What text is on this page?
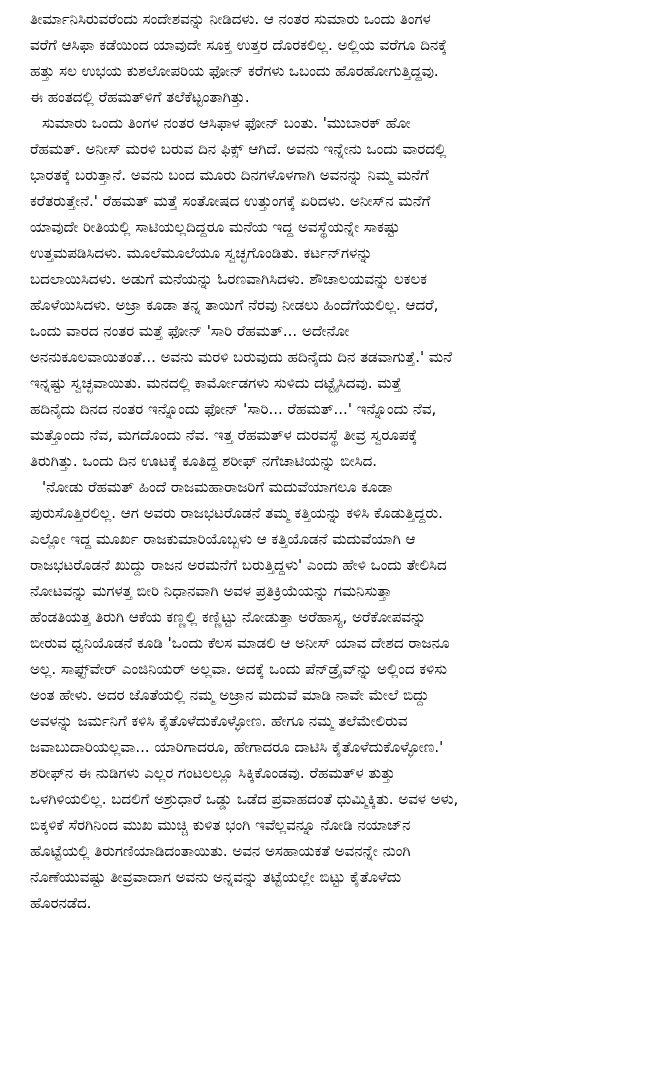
ತೀರ್ಮಾನಿಸಿರುವರೆಂದು ಸಂದೇಶವನ್ನು ನೀಡಿದಳು. ಆ ನಂತರ ಸುಮಾರು ಒಂದು ತಿಂಗಳ
ವರೆಗೆ ಆಸಿಫಾ ಕಡೆಯಿಂದ ಯಾವುದೇ ಸೂಕ್ತ ಉತ್ತರ ದೊರಕಲಿಲ್ಲ. ಅಲ್ಲಿಯ ವರೆಗೂ ದಿನಕ್ಕೆ
ಹತ್ತು ಸಲ ಉಭಯ ಕುಶಲೋಪರಿಯ ಫೋನ್ ಕರೆಗಳು ಒಬಂದು ಹೊರಹೋಗುತ್ತಿದ್ದವು.
ಈ ಹಂತದಲ್ಲಿ ರೆಹಮತ್‌ಳಿಗೆ ತಲೆಕೆಟ್ಟಂತಾಗಿತ್ತು.
ಸುಮಾರು ಒಂದು ತಿಂಗಳ ನಂತರ ಆಸಿಫಾಳ ಫೋನ್ ಬಂತು. 'ಮುಬಾರಕ್ ಹೋ
ರೆಹಮತ್. ಅನೀಸ್ ಮರಳಿ ಬರುವ ದಿನ ಫಿಕ್ಸ್ ಆಗಿದೆ. ಅವನು ಇನ್ನೇನು ಒಂದು ವಾರದಲ್ಲಿ
ಭಾರತಕ್ಕೆ ಬರುತ್ತಾನೆ. ಅವನು ಬಂದ ಮೂರು ದಿನಗಳೊಳಗಾಗಿ ಅವನನ್ನು ನಿಮ್ಮ ಮನೆಗೆ
ಕರೆತರುತ್ತೇನೆ.' ರೆಹಮತ್ ಮತ್ತೆ ಸಂತೋಷದ ಉತ್ತುಂಗಕ್ಕೆ ಏರಿದಳು. ಅನೀಸ್‌ನ ಮನೆಗೆ
ಯಾವುದೇ ರೀತಿಯಲ್ಲಿ ಸಾಟಿಯಲ್ಲದಿದ್ದರೂ ಮನೆಯ ಇದ್ದ ಅವಸ್ಥೆಯನ್ನೇ ಸಾಕಷ್ಟು
ಉತ್ತಮಪಡಿಸಿದಳು. ಮೂಲೆಮೂಲೆಯೂ ಸ್ವಚ್ಛಗೊಂಡಿತು. ಕರ್ಟನ್‌ಗಳನ್ನು
ಬದಲಾಯಿಸಿದಳು. ಅಡುಗೆ ಮನೆಯನ್ನು ಓರಣವಾಗಿಸಿದಳು. ಶೌಚಾಲಯವನ್ನು ಲಕಲಕ
ಹೊಳೆಯಿಸಿದಳು. ಅಜ್ರಾ ಕೂಡಾ ತನ್ನ ತಾಯಿಗೆ ನೆರವು ನೀಡಲು ಹಿಂದೆಗೆಯಲಿಲ್ಲ. ಆದರೆ,
ಒಂದು ವಾರದ ನಂತರ ಮತ್ತೆ ಫೋನ್ 'ಸಾರಿ ರೆಹಮತ್... ಅದೇನೋ
ಅನನುಕೂಲವಾಯಿತಂತೆ... ಅವನು ಮರಳಿ ಬರುವುದು ಹದಿನೈದು ದಿನ ತಡವಾಗುತ್ತೆ.' ಮನೆ
ಇನ್ನಷ್ಟು ಸ್ವಚ್ಛವಾಯಿತು. ಮನದಲ್ಲಿ ಕಾರ್ಮೋಡಗಳು ಸುಳಿದು ದಟ್ಟೈಸಿದವು. ಮತ್ತೆ
ಹದಿನೈದು ದಿನದ ನಂತರ ಇನ್ನೊಂದು ಫೋನ್ 'ಸಾರಿ... ರೆಹಮತ್...' ಇನ್ನೊಂದು ನೆವ,
ಮತ್ತೊಂದು ನೆವ, ಮಗದೊಂದು ನೆವ. ಇತ್ತ ರೆಹಮತ್‌ಳ ದುರವಸ್ಥೆ ತೀವ್ರ ಸ್ವರೂಪಕ್ಕೆ
ತಿರುಗಿತ್ತು. ಒಂದು ದಿನ ಊಟಕ್ಕೆ ಕೂತಿದ್ದ ಶರೀಫ್ ನಗೆಚಾಟಿಯನ್ನು ಬೀಸಿದ.
'ನೋಡು ರೆಹಮತ್ ಹಿಂದೆ ರಾಜಮಹಾರಾಜರಿಗೆ ಮದುವೆಯಾಗಲೂ ಕೂಡಾ
ಪುರುಸೊತ್ತಿರಲಿಲ್ಲ. ಆಗ ಅವರು ರಾಜಭಟರೊಡನೆ ತಮ್ಮ ಕತ್ತಿಯನ್ನು ಕಳಿಸಿ ಕೊಡುತ್ತಿದ್ದರು.
ಎಲ್ಲೋ ಇದ್ದ ಮೂರ್ಖ ರಾಜಕುಮಾರಿಯೊಬ್ಬಳು ಆ ಕತ್ತಿಯೊಡನೆ ಮದುವೆಯಾಗಿ ಆ
ರಾಜಭಟರೊಡನೆ ಖುದ್ದು ರಾಜನ ಅರಮನೆಗೆ ಬರುತ್ತಿದ್ದಳು' ಎಂದು ಹೇಳಿ ಒಂದು ತೇಲಿಸಿದ
ನೋಟವನ್ನು ಮಗಳತ್ತ ಬೀರಿ ನಿಧಾನವಾಗಿ ಅವಳ ಪ್ರತಿಕ್ರಿಯೆಯನ್ನು ಗಮನಿಸುತ್ತಾ
ಹೆಂಡತಿಯತ್ತ ತಿರುಗಿ ಆಕೆಯ ಕಣ್ಣಲ್ಲಿ ಕಣ್ಣಿಟ್ಟು ನೋಡುತ್ತಾ ಅರೆಹಾಸ್ಯ, ಅರೆಕೋಪವನ್ನು
ಬೀರುವ ಧ್ವನಿಯೊಡನೆ ಕೂಡಿ 'ಒಂದು ಕೆಲಸ ಮಾಡಲಿ ಆ ಅನೀಸ್ ಯಾವ ದೇಶದ ರಾಜನೂ
ಅಲ್ಲ. ಸಾಫ್ಟ್‌ವೇರ್ ಎಂಜಿನಿಯರ್ ಅಲ್ಲವಾ. ಅದಕ್ಕೆ ಒಂದು ಪೆನ್‌ಡ್ರೈವ್‌ನ್ನು ಅಲ್ಲಿಂದ ಕಳಿಸು
ಅಂತ ಹೇಳು. ಅದರ ಜೊತೆಯಲ್ಲಿ ನಮ್ಮ ಅಜ್ರಾನ ಮದುವೆ ಮಾಡಿ ನಾವೇ ಮೇಲೆ ಬಿದ್ದು
ಅವಳನ್ನು ಜರ್ಮನಿಗೆ ಕಳಿಸಿ ಕೈತೊಳೆದುಕೊಳ್ಳೋಣ. ಹೇಗೂ ನಮ್ಮ ತಲೆಮೇಲಿರುವ
ಜವಾಬುದಾರಿಯಲ್ಲವಾ... ಯಾರಿಗಾದರೂ, ಹೇಗಾದರೂ ದಾಟಿಸಿ ಕೈತೊಳೆದುಕೊಳ್ಳೋಣ.'
ಶರೀಫ್‌ನ ಈ ನುಡಿಗಳು ಎಲ್ಲರ ಗಂಟಲಲ್ಲೂ ಸಿಕ್ಕಿಕೊಂಡವು. ರೆಹಮತ್‌ಳ ತುತ್ತು
ಒಳಗಿಳಿಯಲಿಲ್ಲ. ಬದಲಿಗೆ ಅಶ್ರುಧಾರೆ ಒಡ್ಡು ಒಡೆದ ಪ್ರವಾಹದಂತೆ ಧುಮ್ಮಿಕ್ಕಿತು. ಅವಳ ಅಳು,
ಬಿಕ್ಕಳಿಕೆ ಸೆರಗಿನಿಂದ ಮುಖ ಮುಚ್ಚಿ ಕುಳಿತ ಭಂಗಿ ಇವೆಲ್ಲವನ್ನೂ ನೋಡಿ ನಯಾಜ್‌ನ
ಹೊಟ್ಟೆಯಲ್ಲಿ ತಿರುಗಣಿಯಾಡಿದಂತಾಯಿತು. ಅವನ ಅಸಹಾಯಕತೆ ಅವನನ್ನೇ ನುಂಗಿ
ನೊಣೆಯುವಷ್ಟು ತೀವ್ರವಾದಾಗ ಅವನು ಅನ್ನವನ್ನು ತಟ್ಟೆಯಲ್ಲೇ ಬಿಟ್ಟು ಕೈತೊಳೆದು
ಹೊರನಡೆದ.
